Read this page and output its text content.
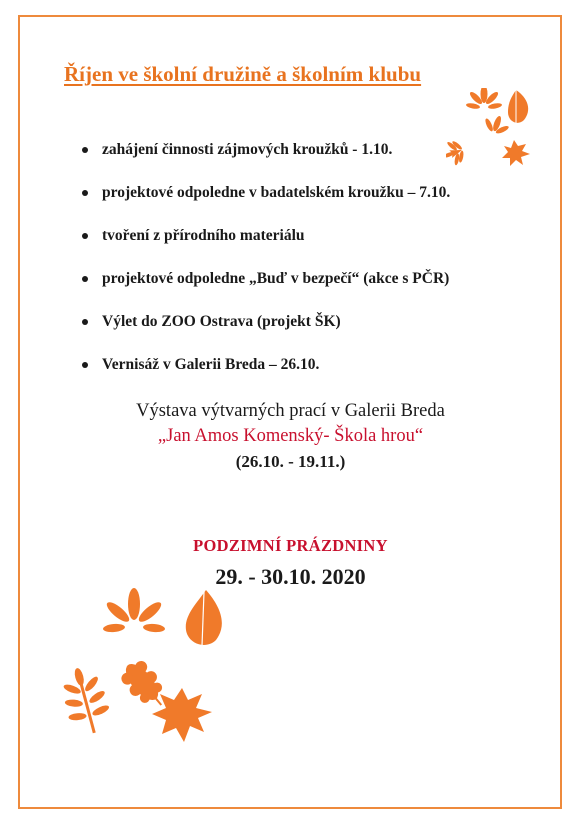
Říjen ve školní družině a školním klubu
zahájení činnosti zájmových kroužků - 1.10.
projektové odpoledne v badatelském kroužku – 7.10.
tvoření z přírodního materiálu
projektové odpoledne „Buď v bezpečí“ (akce s PČR)
Výlet do ZOO Ostrava (projekt ŠK)
Vernisáž v Galerii Breda – 26.10.
Výstava výtvarných prací v Galerii Breda
„Jan Amos Komenský- Škola hrou“
(26.10. - 19.11.)
PODZIMNÍ PRÁZDNINY
29. - 30.10. 2020
